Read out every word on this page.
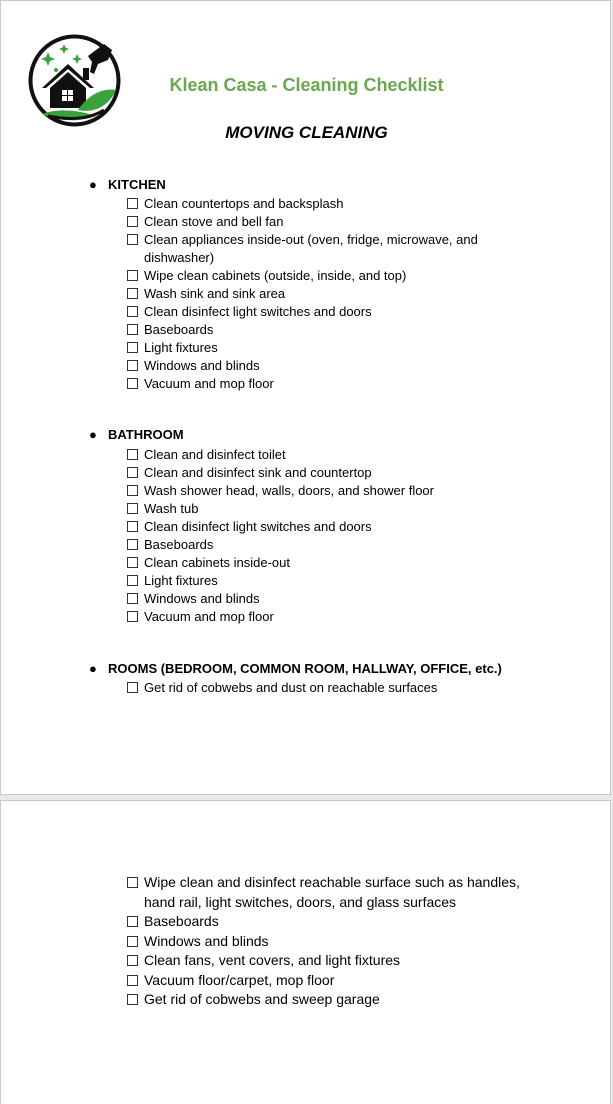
Klean Casa - Cleaning Checklist
MOVING CLEANING
● KITCHEN
Clean countertops and backsplash
Clean stove and bell fan
Clean appliances inside-out (oven, fridge, microwave, and dishwasher)
Wipe clean cabinets (outside, inside, and top)
Wash sink and sink area
Clean disinfect light switches and doors
Baseboards
Light fixtures
Windows and blinds
Vacuum and mop floor
● BATHROOM
Clean and disinfect toilet
Clean and disinfect sink and countertop
Wash shower head, walls, doors, and shower floor
Wash tub
Clean disinfect light switches and doors
Baseboards
Clean cabinets inside-out
Light fixtures
Windows and blinds
Vacuum and mop floor
● ROOMS (BEDROOM, COMMON ROOM, HALLWAY, OFFICE, etc.)
Get rid of cobwebs and dust on reachable surfaces
Wipe clean and disinfect reachable surface such as handles, hand rail, light switches, doors, and glass surfaces
Baseboards
Windows and blinds
Clean fans, vent covers, and light fixtures
Vacuum floor/carpet, mop floor
Get rid of cobwebs and sweep garage
